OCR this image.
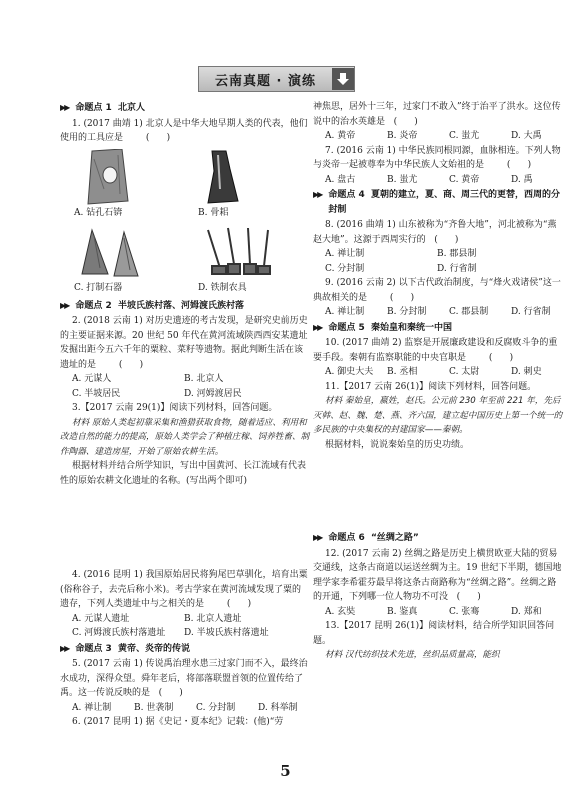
云南真题 · 演练
▶▶ 命题点 1  北京人
1. (2017 曲靖 1) 北京人是中华大地早期人类的代表，他们使用的工具应是        (      )
A. 钻孔石锛	B. 骨耜
C. 打制石器	D. 铁制农具
▶▶ 命题点 2  半坡氏族村落、河姆渡氏族村落
2. (2018 云南 1) 对历史遗迹的考古发现，是研究史前历史的主要证据来源。20 世纪 50 年代在黄河流域陕西西安某遗址发掘出距今五六千年的粟粒、菜籽等遗物。据此判断生活在该遗址的是        (      )
A. 元谋人	B. 北京人
C. 半坡居民	D. 河姆渡居民
3.【2017 云南 29(1)】阅读下列材料，回答问题。
材料 原始人类起初靠采集和渔猎获取食物，随着适应、利用和改造自然的能力的提高，原始人类学会了种植庄稼、饲养牲畜、制作陶器、建造房屋，开始了原始农耕生活。
根据材料并结合所学知识，写出中国黄河、长江流域有代表性的原始农耕文化遗址的名称。(写出两个即可)
4. (2016 昆明 1) 我国原始居民将狗尾巴草驯化，培育出粟(俗称谷子，去壳后称小米)。考古学家在黄河流域发现了粟的遗存，下列人类遗址中与之相关的是        (      )
A. 元谋人遗址	B. 北京人遗址
C. 河姆渡氏族村落遗址	D. 半坡氏族村落遗址
▶▶ 命题点 3  黄帝、炎帝的传说
5. (2017 云南 1) 传说禹治理水患三过家门而不入，最终治水成功，深得众望。舜年老后，将部落联盟首领的位置传给了禹。这一传说反映的是   (      )
A. 禅让制	B. 世袭制	C. 分封制	D. 科举制
6. (2017 昆明 1) 据《史记・夏本纪》记载：(他)“劳
神焦思，居外十三年，过家门不敢入”终于治平了洪水。这位传说中的治水英雄是   (      )
A. 黄帝	B. 炎帝	C. 蚩尤	D. 大禹
7. (2016 云南 1) 中华民族同根同源，血脉相连。下列人物与炎帝一起被尊奉为中华民族人文始祖的是        (      )
A. 盘古	B. 蚩尤	C. 黄帝	D. 禹
▶▶ 命题点 4  夏朝的建立，夏、商、周三代的更替，西周的分封制
8. (2016 曲靖 1) 山东被称为“齐鲁大地”，河北被称为“燕赵大地”。这源于西周实行的   (      )
A. 禅让制	B. 郡县制
C. 分封制	D. 行省制
9. (2016 云南 2) 以下古代政治制度，与“烽火戏诸侯”这一典故相关的是        (      )
A. 禅让制	B. 分封制	C. 郡县制	D. 行省制
▶▶ 命题点 5  秦始皇和秦统一中国
10. (2017 曲靖 2) 监察是开展廉政建设和反腐败斗争的重要手段。秦朝有监察职能的中央官职是        (      )
A. 御史大夫 B. 丞相	C. 太尉	D. 刺史
11.【2017 云南 26(1)】阅读下列材料，回答问题。
材料 秦始皇，嬴姓，赵氏。公元前 230 年至前 221 年，先后灭韩、赵、魏、楚、燕、齐六国，建立起中国历史上第一个统一的多民族的中央集权的封建国家——秦朝。
根据材料，说说秦始皇的历史功绩。
▶▶ 命题点 6  “丝绸之路”
12. (2017 云南 2) 丝绸之路是历史上横贯欧亚大陆的贸易交通线，这条古商道以运送丝绸为主。19 世纪下半期，德国地理学家李希霍芬最早将这条古商路称为“丝绸之路”。丝绸之路的开通，下列哪一位人物功不可没   (      )
A. 玄奘	B. 鉴真	C. 张骞	D. 郑和
13.【2017 昆明 26(1)】阅读材料，结合所学知识回答问题。
材料 汉代纺织技术先进，丝织品质量高，能织
5
